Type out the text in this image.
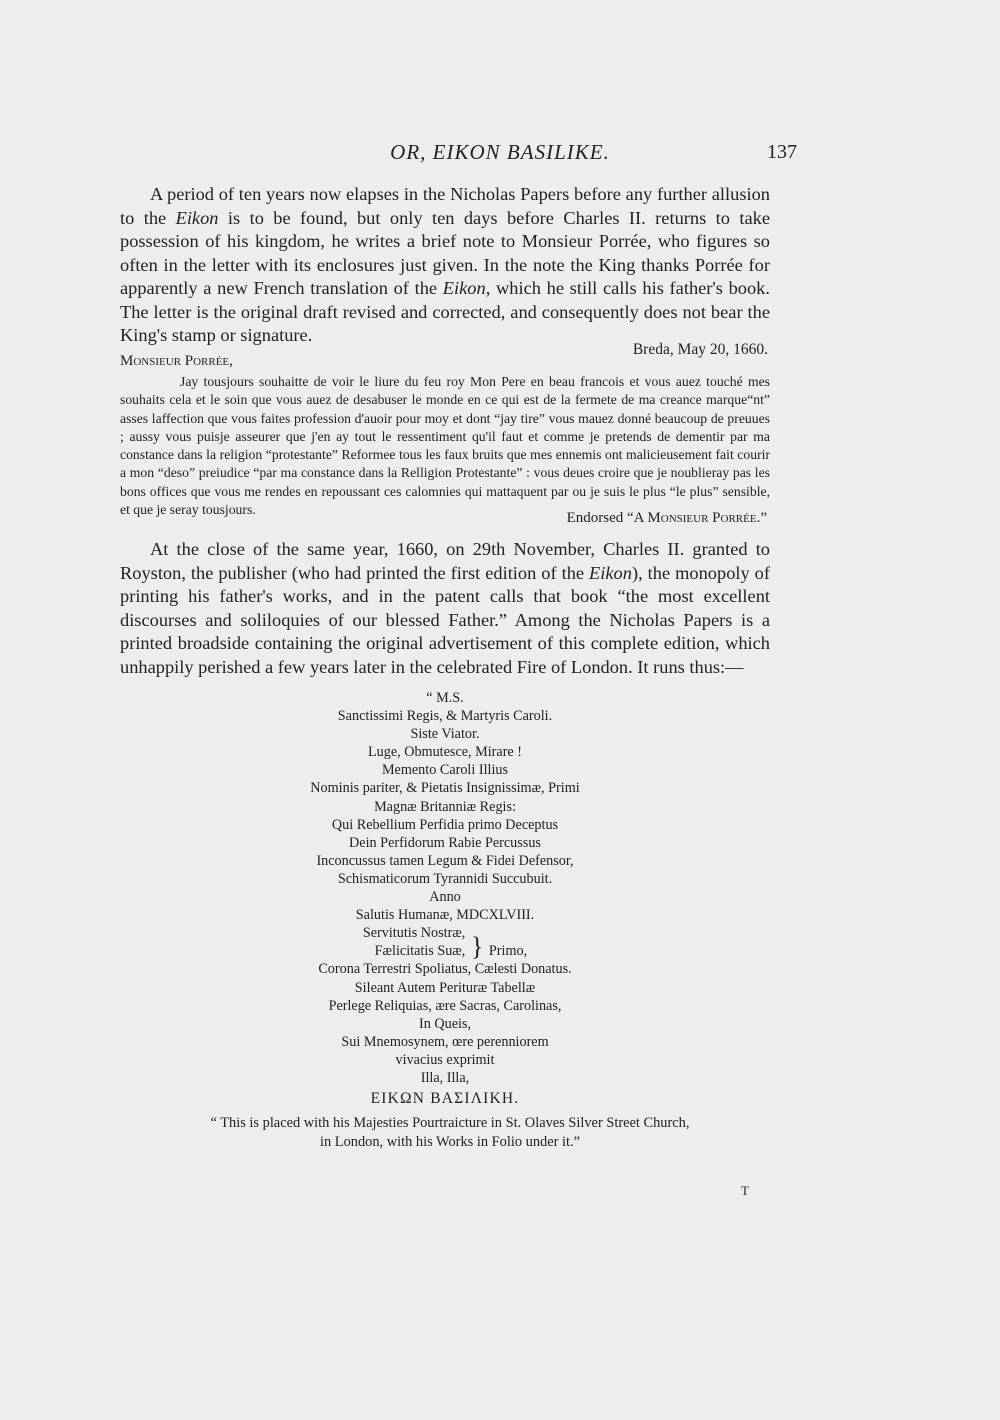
OR, EIKON BASILIKE.	137

A period of ten years now elapses in the Nicholas Papers before any further allusion to the Eikon is to be found, but only ten days before Charles II. returns to take possession of his kingdom, he writes a brief note to Monsieur Porrée, who figures so often in the letter with its enclosures just given. In the note the King thanks Porrée for apparently a new French translation of the Eikon, which he still calls his father's book. The letter is the original draft revised and corrected, and consequently does not bear the King's stamp or signature.

Breda, May 20, 1660.
Monsieur Porrée,

Jay tousjours souhaitte de voir le liure du feu roy Mon Pere en beau francois et vous auez touché mes souhaits cela et le soin que vous auez de desabuser le monde en ce qui est de la fermete de ma creance marque“nt” asses laffection que vous faites profession d'auoir pour moy et dont “jay tire” vous mauez donné beaucoup de preuues ; aussy vous puisje asseurer que j'en ay tout le ressentiment qu'il faut et comme je pretends de dementir par ma constance dans la religion “protestante” Reformee tous les faux bruits que mes ennemis ont malicieusement fait courir a mon “deso” preiudice “par ma constance dans la Relligion Protestante” : vous deues croire que je noublieray pas les bons offices que vous me rendes en repoussant ces calomnies qui mattaquent par ou je suis le plus “le plus” sensible, et que je seray tousjours.

Endorsed “A Monsieur Porrée.”

At the close of the same year, 1660, on 29th November, Charles II. granted to Royston, the publisher (who had printed the first edition of the Eikon), the monopoly of printing his father's works, and in the patent calls that book “the most excellent discourses and soliloquies of our blessed Father.” Among the Nicholas Papers is a printed broadside containing the original advertisement of this complete edition, which unhappily perished a few years later in the celebrated Fire of London. It runs thus:—

“ M.S.
Sanctissimi Regis, & Martyris Caroli.
Siste Viator.
Luge, Obmutesce, Mirare !
Memento Caroli Illius
Nominis pariter, & Pietatis Insignissimæ, Primi
Magnæ Britanniæ Regis:
Qui Rebellium Perfidia primo Deceptus
Dein Perfidorum Rabie Percussus
Inconcussus tamen Legum & Fidei Defensor,
Schismaticorum Tyrannidi Succubuit.
Anno
Salutis Humanæ, MDCXLVIII.
Servitutis Nostræ,
Fælicitatis Suæ, } Primo,
Corona Terrestri Spoliatus, Cælesti Donatus.
Sileant Autem Perituræ Tabellæ
Perlege Reliquias, ære Sacras, Carolinas,
In Queis,
Sui Mnemosynem, œre perenniorem
vivacius exprimit
Illa, Illa,
ΕΙΚΩΝ ΒΑΣΙΛΙΚΗ.
“ This is placed with his Majesties Pourtraicture in St. Olaves Silver Street Church,
in London, with his Works in Folio under it.”
T
